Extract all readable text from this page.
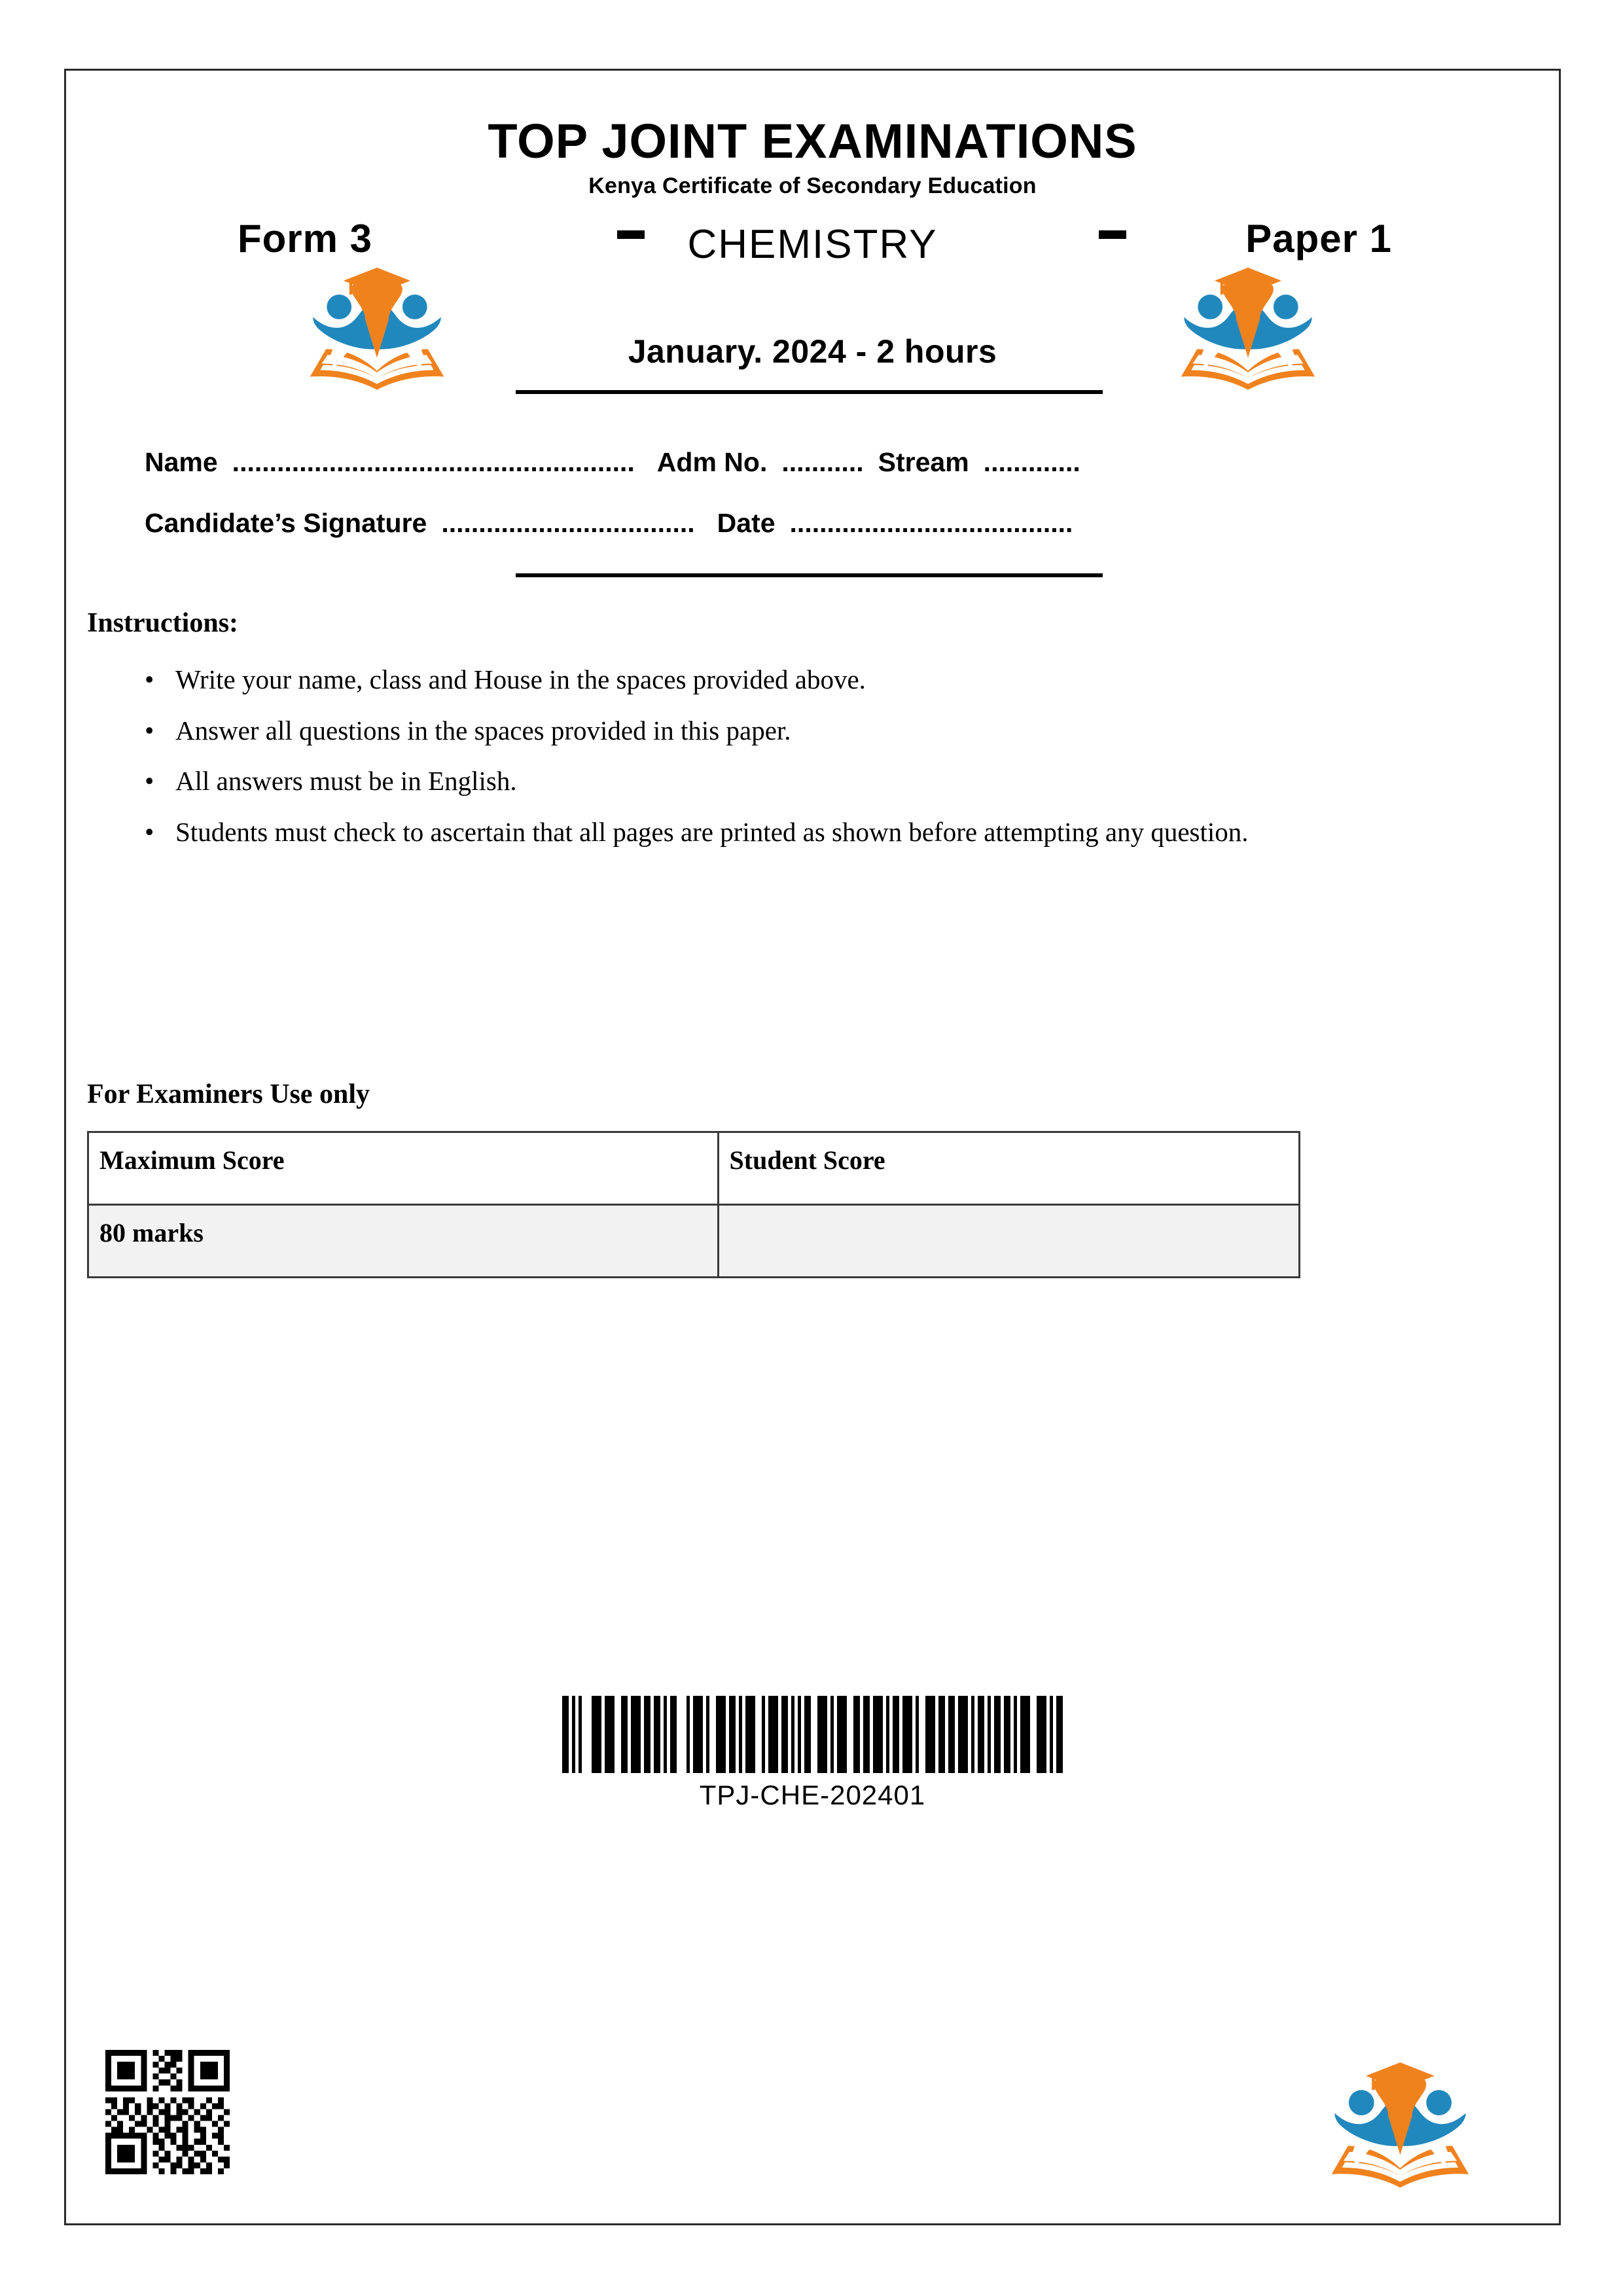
TOP JOINT EXAMINATIONS
Kenya Certificate of Secondary Education
Form 3	CHEMISTRY	Paper 1
January. 2024 - 2 hours
Name ...................................................... Adm No. ........... Stream .............
Candidate’s Signature .................................. Date ......................................
Instructions:
• Write your name, class and House in the spaces provided above.
• Answer all questions in the spaces provided in this paper.
• All answers must be in English.
• Students must check to ascertain that all pages are printed as shown before attempting any question.
For Examiners Use only
Maximum Score	Student Score
80 marks	

TPJ-CHE-202401
